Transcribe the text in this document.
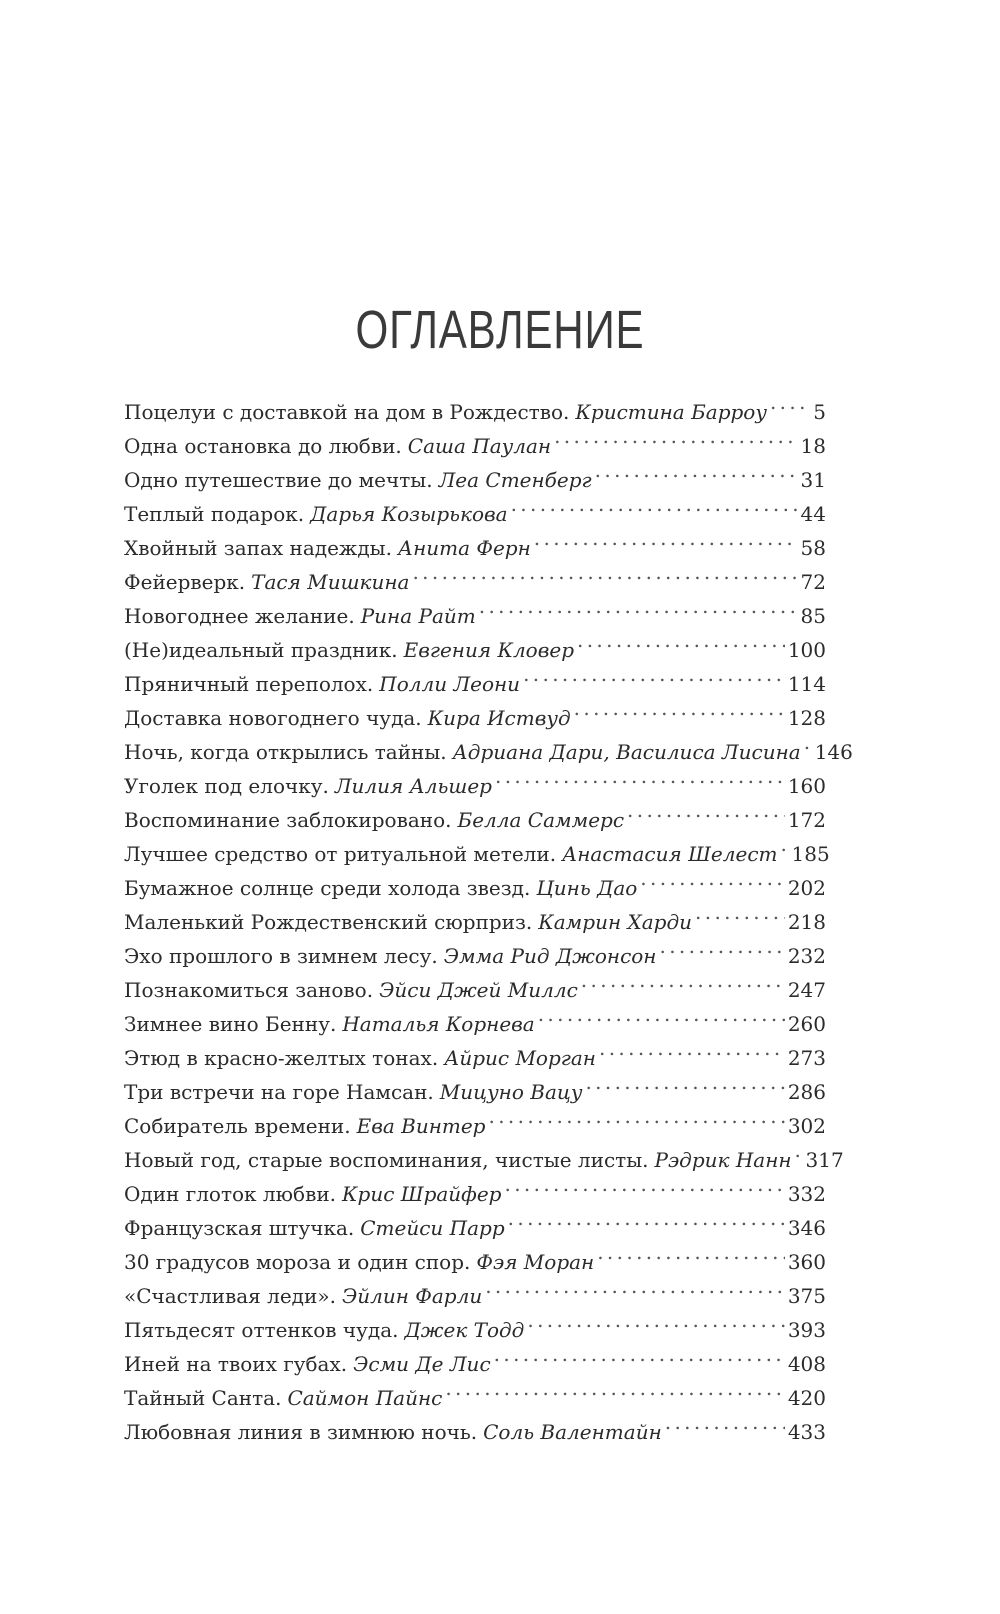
ОГЛАВЛЕНИЕ
Поцелуи с доставкой на дом в Рождество. Кристина Барроу . . . 5
Одна остановка до любви. Саша Паулан . . .	18
Одно путешествие до мечты. Леа Стенберг . . .	31
Теплый подарок. Дарья Козырькова . . .	44
Хвойный запах надежды. Анита Ферн . . .	58
Фейерверк. Тася Мишкина . . .	72
Новогоднее желание. Рина Райт . . .	85
(Не)идеальный праздник. Евгения Кловер . . .	100
Пряничный переполох. Полли Леони . . .	114
Доставка новогоднего чуда. Кира Иствуд . . .	128
Ночь, когда открылись тайны. Адриана Дари, Василиса Лисина . . . 146
Уголек под елочку. Лилия Альшер . . .	160
Воспоминание заблокировано. Белла Саммерс . . .	172
Лучшее средство от ритуальной метели. Анастасия Шелест . . . 185
Бумажное солнце среди холода звезд. Цинь Дао . . .	202
Маленький Рождественский сюрприз. Камрин Харди . . .	218
Эхо прошлого в зимнем лесу. Эмма Рид Джонсон . . .	232
Познакомиться заново. Эйси Джей Миллс . . .	247
Зимнее вино Бенну. Наталья Корнева . . .	260
Этюд в красно-желтых тонах. Айрис Морган . . .	273
Три встречи на горе Намсан. Мицуно Вацу . . .	286
Собиратель времени. Ева Винтер . . .	302
Новый год, старые воспоминания, чистые листы. Рэдрик Нанн . . . 317
Один глоток любви. Крис Шрайфер . . .	332
Французская штучка. Стейси Парр . . .	346
30 градусов мороза и один спор. Фэя Моран . . .	360
«Счастливая леди». Эйлин Фарли . . .	375
Пятьдесят оттенков чуда. Джек Тодд . . .	393
Иней на твоих губах. Эсми Де Лис . . .	408
Тайный Санта. Саймон Пайнс . . .	420
Любовная линия в зимнюю ночь. Соль Валентайн . . .	433
